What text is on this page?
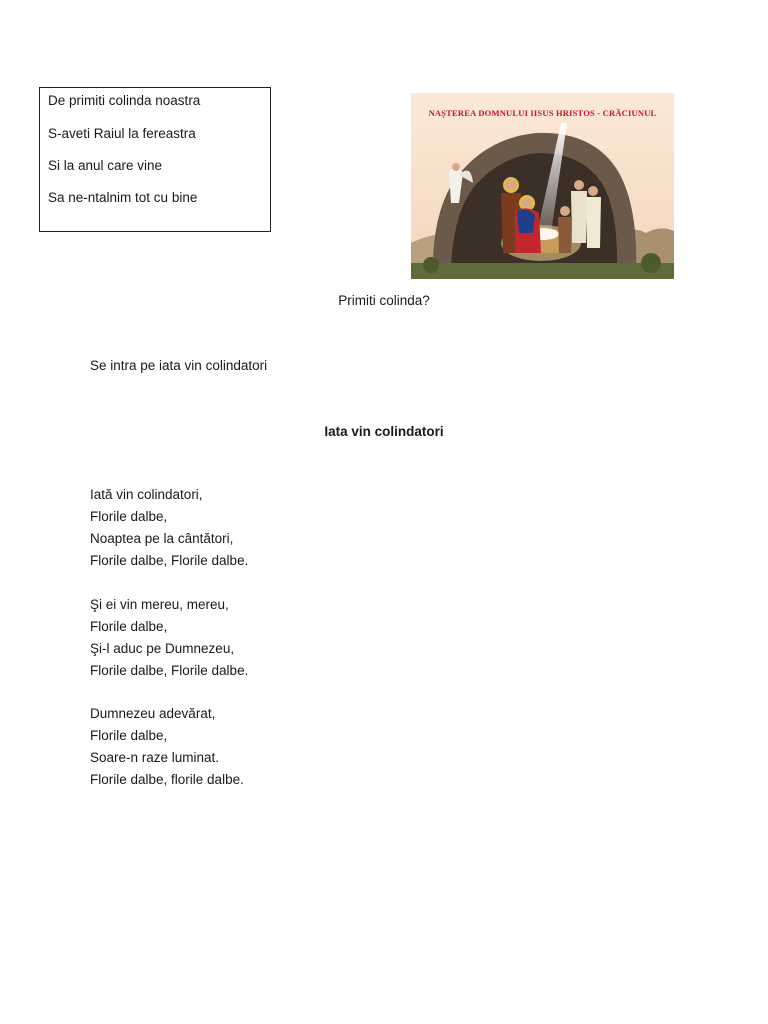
De primiti colinda noastra
S-aveti Raiul la fereastra
Si la anul care vine
Sa ne-ntalnim tot cu bine
NAȘTEREA DOMNULUI IISUS HRISTOS - CRĂCIUNUL
Primiti colinda?
Se intra pe iata vin colindatori
Iata vin colindatori
Iată vin colindatori,
Florile dalbe,
Noaptea pe la cântători,
Florile dalbe, Florile dalbe.
Şi ei vin mereu, mereu,
Florile dalbe,
Şi-l aduc pe Dumnezeu,
Florile dalbe, Florile dalbe.
Dumnezeu adevărat,
Florile dalbe,
Soare-n raze luminat.
Florile dalbe, florile dalbe.
